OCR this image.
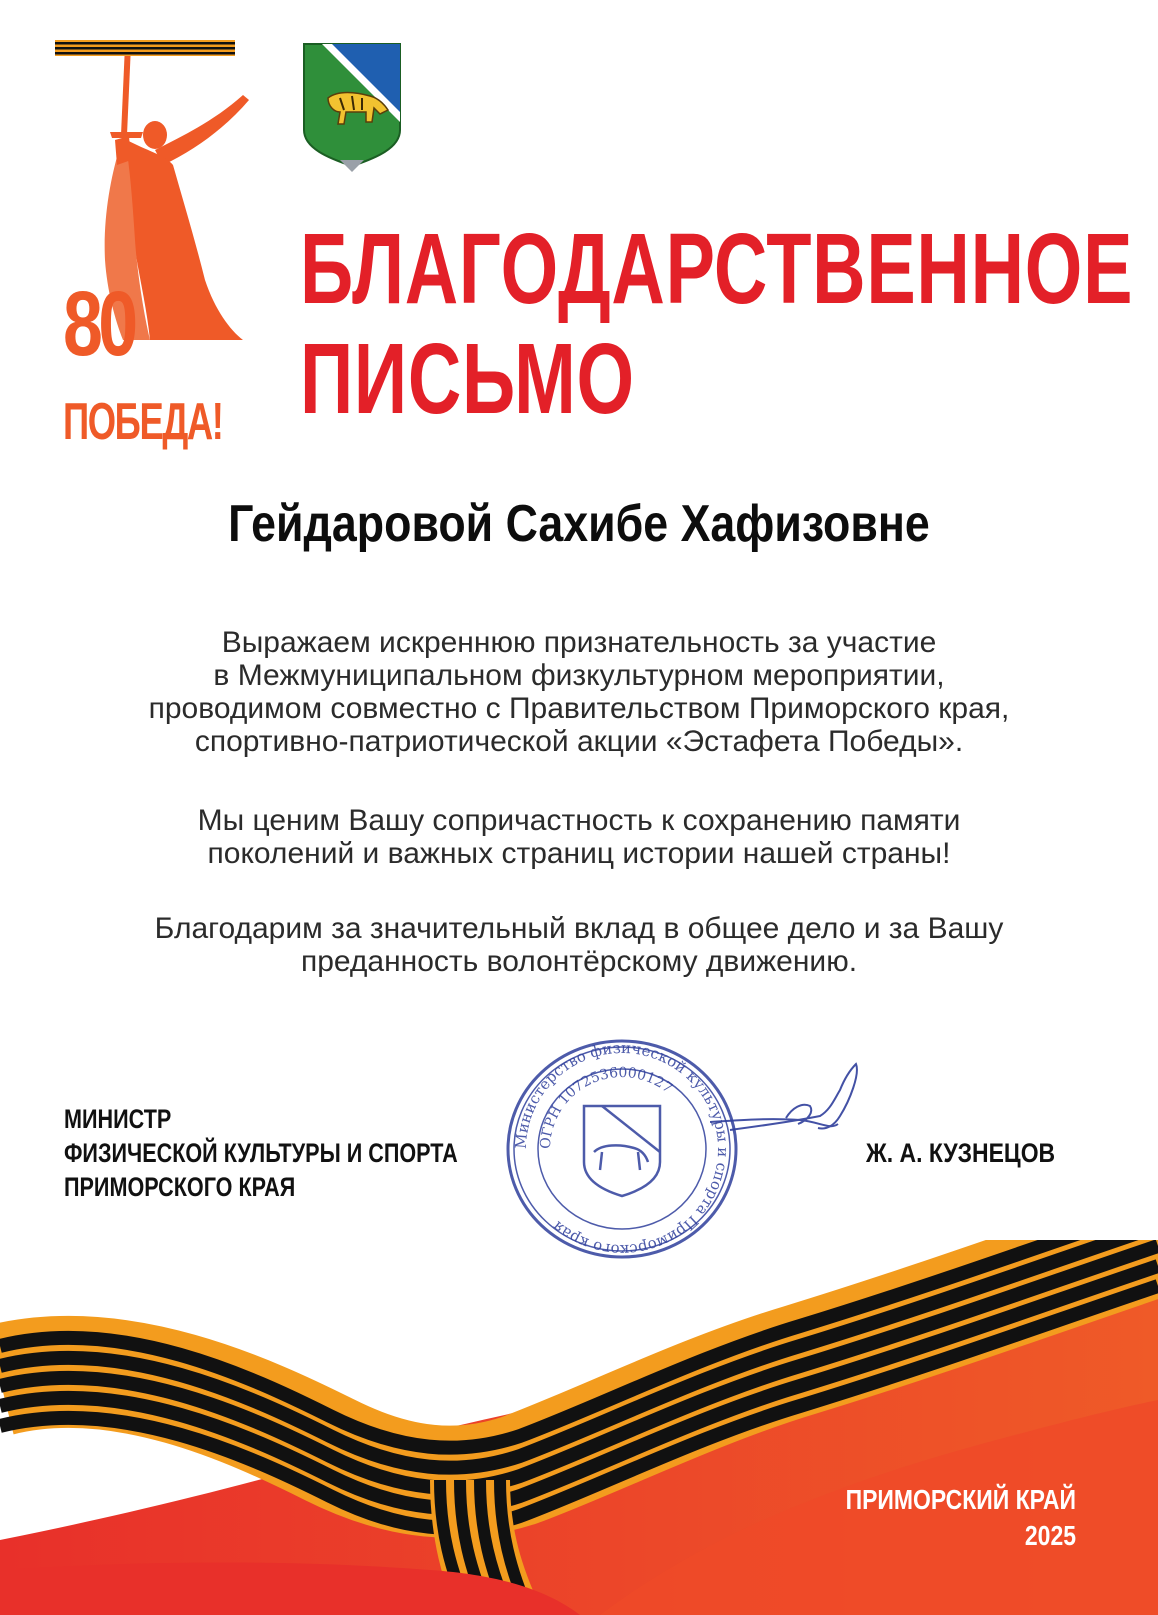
80
ПОБЕДА!
БЛАГОДАРСТВЕННОЕ
ПИСЬМО
Гейдаровой Сахибе Хафизовне
Выражаем искреннюю признательность за участие
в Межмуниципальном физкультурном мероприятии,
проводимом совместно с Правительством Приморского края,
спортивно-патриотической акции «Эстафета Победы».
Мы ценим Вашу сопричастность к сохранению памяти
поколений и важных страниц истории нашей страны!
Благодарим за значительный вклад в общее дело и за Вашу
преданность волонтёрскому движению.
МИНИСТР
ФИЗИЧЕСКОЙ КУЛЬТУРЫ И СПОРТА
ПРИМОРСКОГО КРАЯ
Министерство физической культуры и спорта Приморского края
ОГРН 1072536000127
Ж. А. КУЗНЕЦОВ
ПРИМОРСКИЙ КРАЙ
2025
